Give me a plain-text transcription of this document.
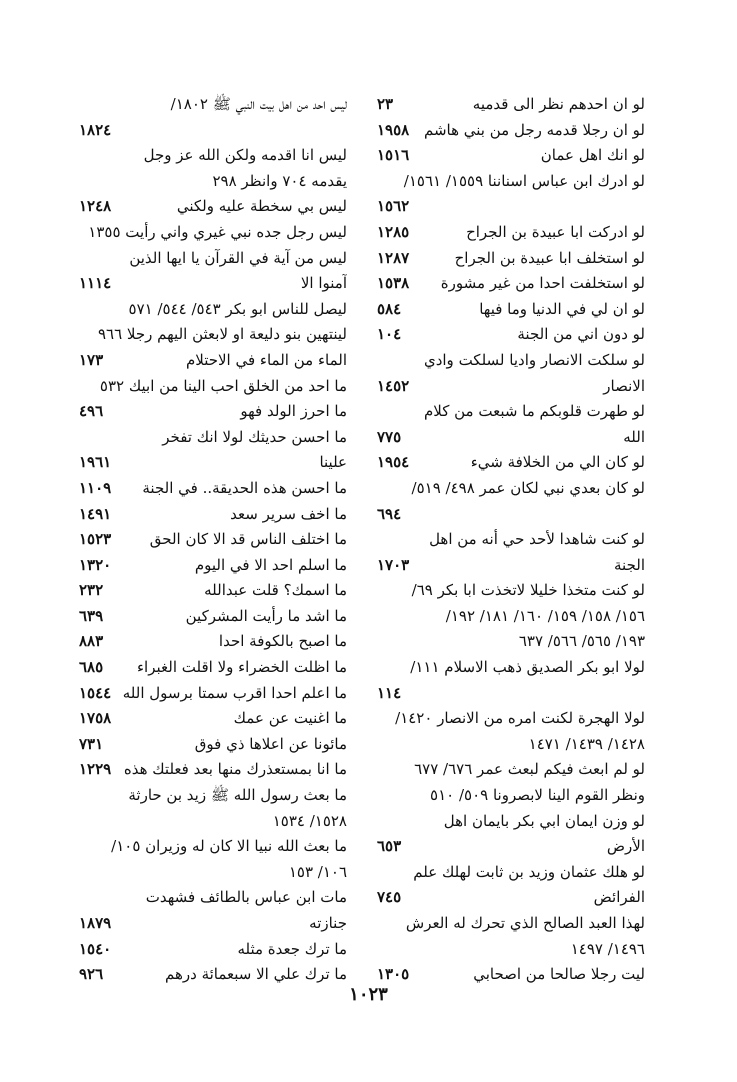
لو ان احدهم نظر الى قدميه
٢٣
لو ان رجلا قدمه رجل من بني هاشم
١٩٥٨
لو انك اهل عمان
١٥١٦
لو ادرك ابن عباس اسناننا ١٥٥٩/ ١٥٦١/
١٥٦٢
لو ادركت ابا عبيدة بن الجراح
١٢٨٥
لو استخلف ابا عبيدة بن الجراح
١٢٨٧
لو استخلفت احدا من غير مشورة
١٥٣٨
لو ان لي في الدنيا وما فيها
٥٨٤
لو دون اني من الجنة
١٠٤
لو سلكت الانصار واديا لسلكت وادي
الانصار
١٤٥٢
لو طهرت قلوبكم ما شبعت من كلام
الله
٧٧٥
لو كان الي من الخلافة شيء
١٩٥٤
لو كان بعدي نبي لكان عمر ٤٩٨/ ٥١٩/
٦٩٤
لو كنت شاهدا لأحد حي أنه من اهل
الجنة
١٧٠٣
لو كنت متخذا خليلا لاتخذت ابا بكر ٦٩/
١٥٦/ ١٥٨/ ١٥٩/ ١٦٠/ ١٨١/ ١٩٢/
١٩٣/ ٥٦٥/ ٥٦٦/ ٦٣٧
لولا ابو بكر الصديق ذهب الاسلام ١١١/
١١٤
لولا الهجرة لكنت امره من الانصار ١٤٢٠/
١٤٢٨/ ١٤٣٩/ ١٤٧١
لو لم ابعث فيكم لبعث عمر ٦٧٦/ ٦٧٧
ونظر القوم الينا لابصرونا ٥٠٩/ ٥١٠
لو وزن ايمان ابي بكر بايمان اهل
الأرض
٦٥٣
لو هلك عثمان وزيد بن ثابت لهلك علم
الفرائض
٧٤٥
لهذا العبد الصالح الذي تحرك له العرش
١٤٩٦/ ١٤٩٧
ليت رجلا صالحا من اصحابي
١٣٠٥
ليس احد من اهل بيت النبي ﷺ ١٨٠٢/
١٨٢٤
ليس انا اقدمه ولكن الله عز وجل
يقدمه ٧٠٤ وانظر ٢٩٨
ليس بي سخطة عليه ولكني
١٢٤٨
ليس رجل جده نبي غيري واني رأيت ١٣٥٥
ليس من آية في القرآن يا ايها الذين
آمنوا الا
١١١٤
ليصل للناس ابو بكر ٥٤٣/ ٥٤٤/ ٥٧١
لينتهين بنو دليعة او لابعثن اليهم رجلا ٩٦٦
الماء من الماء في الاحتلام
١٧٣
ما احد من الخلق احب الينا من ابيك ٥٣٢
ما احرز الولد فهو
٤٩٦
ما احسن حديثك لولا انك تفخر
علينا
١٩٦١
ما احسن هذه الحديقة.. في الجنة
١١٠٩
ما اخف سرير سعد
١٤٩١
ما اختلف الناس قد الا كان الحق
١٥٢٣
ما اسلم احد الا في اليوم
١٣٢٠
ما اسمك؟ قلت عبدالله
٢٣٢
ما اشد ما رأيت المشركين
٦٣٩
ما اصبح بالكوفة احدا
٨٨٣
ما اظلت الخضراء ولا اقلت الغبراء
٦٨٥
ما اعلم احدا اقرب سمتا برسول الله
١٥٤٤
ما اغنيت عن عمك
١٧٥٨
مائونا عن اعلاها ذي فوق
٧٣١
ما انا بمستعذرك منها بعد فعلتك هذه
١٢٢٩
ما بعث رسول الله ﷺ زيد بن حارثة
١٥٢٨/ ١٥٣٤
ما بعث الله نبيا الا كان له وزيران ١٠٥/
١٠٦/ ١٥٣
مات ابن عباس بالطائف فشهدت
جنازته
١٨٧٩
ما ترك جعدة مثله
١٥٤٠
ما ترك علي الا سبعمائة درهم
٩٢٦
١٠٢٣
